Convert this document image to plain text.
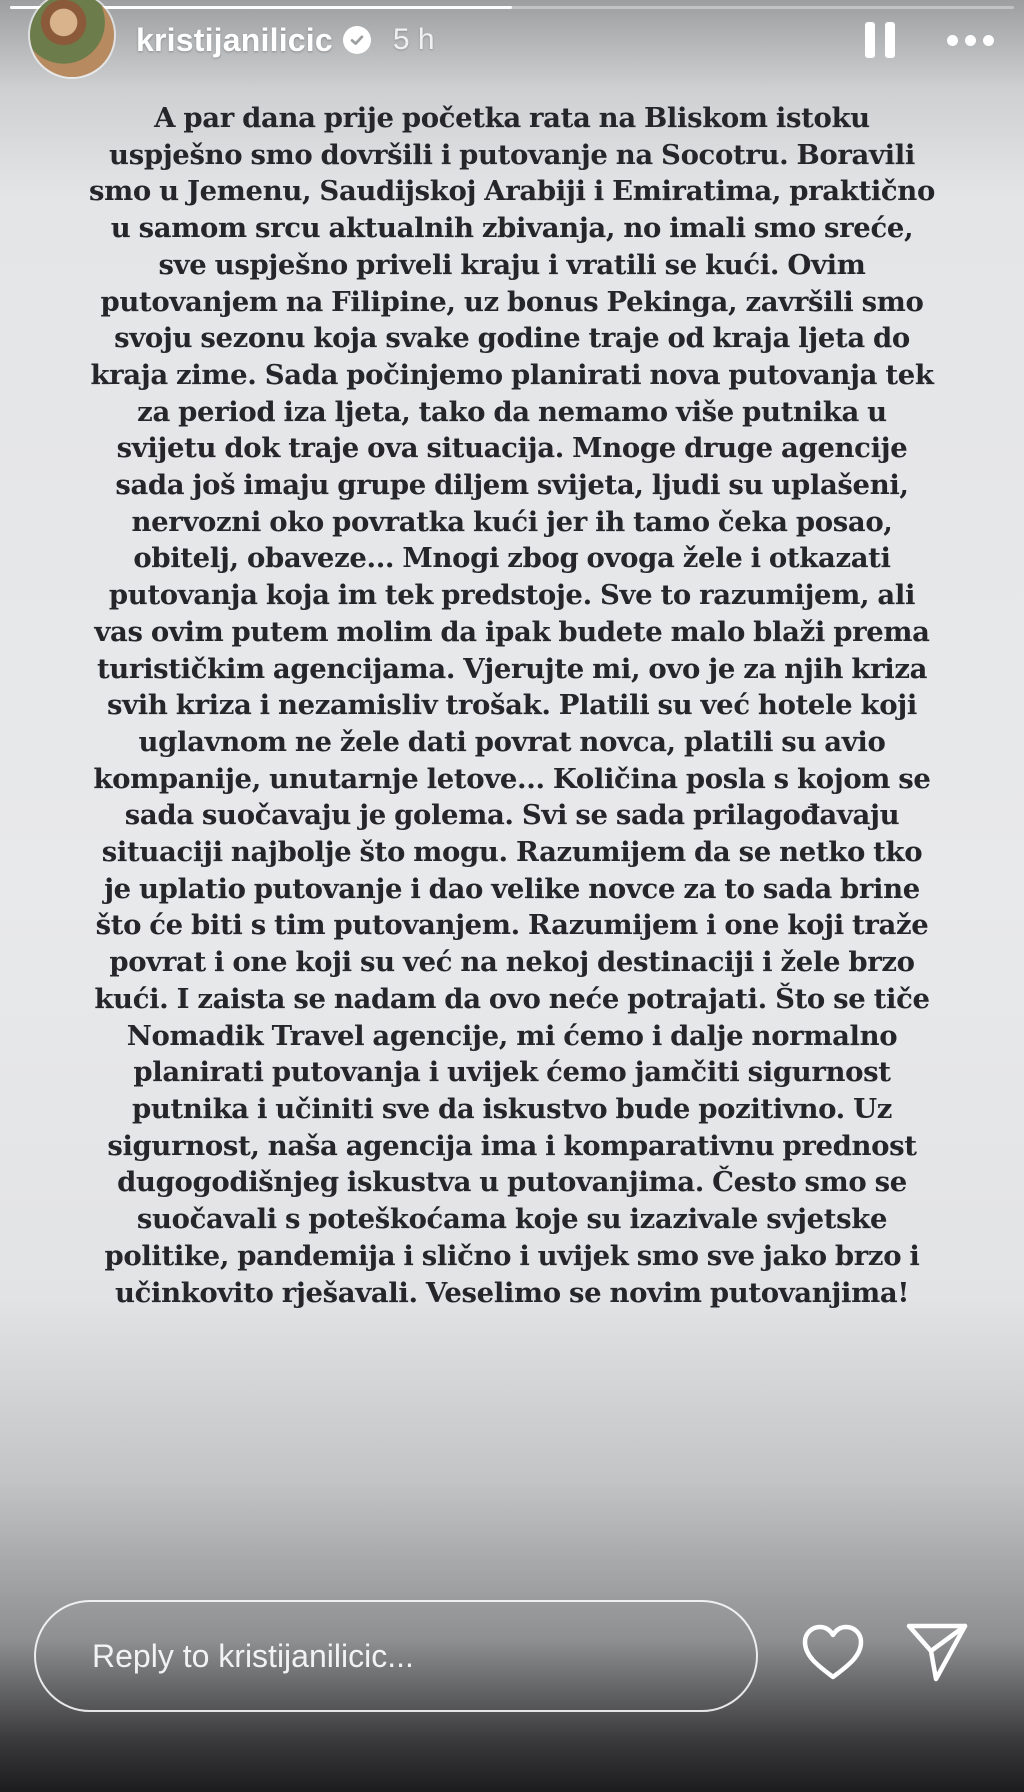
kristijanilicic 5 h

A par dana prije početka rata na Bliskom istoku uspješno smo dovršili i putovanje na Socotru. Boravili smo u Jemenu, Saudijskoj Arabiji i Emiratima, praktično u samom srcu aktualnih zbivanja, no imali smo sreće, sve uspješno priveli kraju i vratili se kući. Ovim putovanjem na Filipine, uz bonus Pekinga, završili smo svoju sezonu koja svake godine traje od kraja ljeta do kraja zime. Sada počinjemo planirati nova putovanja tek za period iza ljeta, tako da nemamo više putnika u svijetu dok traje ova situacija. Mnoge druge agencije sada još imaju grupe diljem svijeta, ljudi su uplašeni, nervozni oko povratka kući jer ih tamo čeka posao, obitelj, obaveze... Mnogi zbog ovoga žele i otkazati putovanja koja im tek predstoje. Sve to razumijem, ali vas ovim putem molim da ipak budete malo blaži prema turističkim agencijama. Vjerujte mi, ovo je za njih kriza svih kriza i nezamisliv trošak. Platili su već hotele koji uglavnom ne žele dati povrat novca, platili su avio kompanije, unutarnje letove... Količina posla s kojom se sada suočavaju je golema. Svi se sada prilagođavaju situaciji najbolje što mogu. Razumijem da se netko tko je uplatio putovanje i dao velike novce za to sada brine što će biti s tim putovanjem. Razumijem i one koji traže povrat i one koji su već na nekoj destinaciji i žele brzo kući. I zaista se nadam da ovo neće potrajati. Što se tiče Nomadik Travel agencije, mi ćemo i dalje normalno planirati putovanja i uvijek ćemo jamčiti sigurnost putnika i učiniti sve da iskustvo bude pozitivno. Uz sigurnost, naša agencija ima i komparativnu prednost dugogodišnjeg iskustva u putovanjima. Često smo se suočavali s poteškoćama koje su izazivale svjetske politike, pandemija i slično i uvijek smo sve jako brzo i učinkovito rješavali. Veselimo se novim putovanjima!

Reply to kristijanilicic...
